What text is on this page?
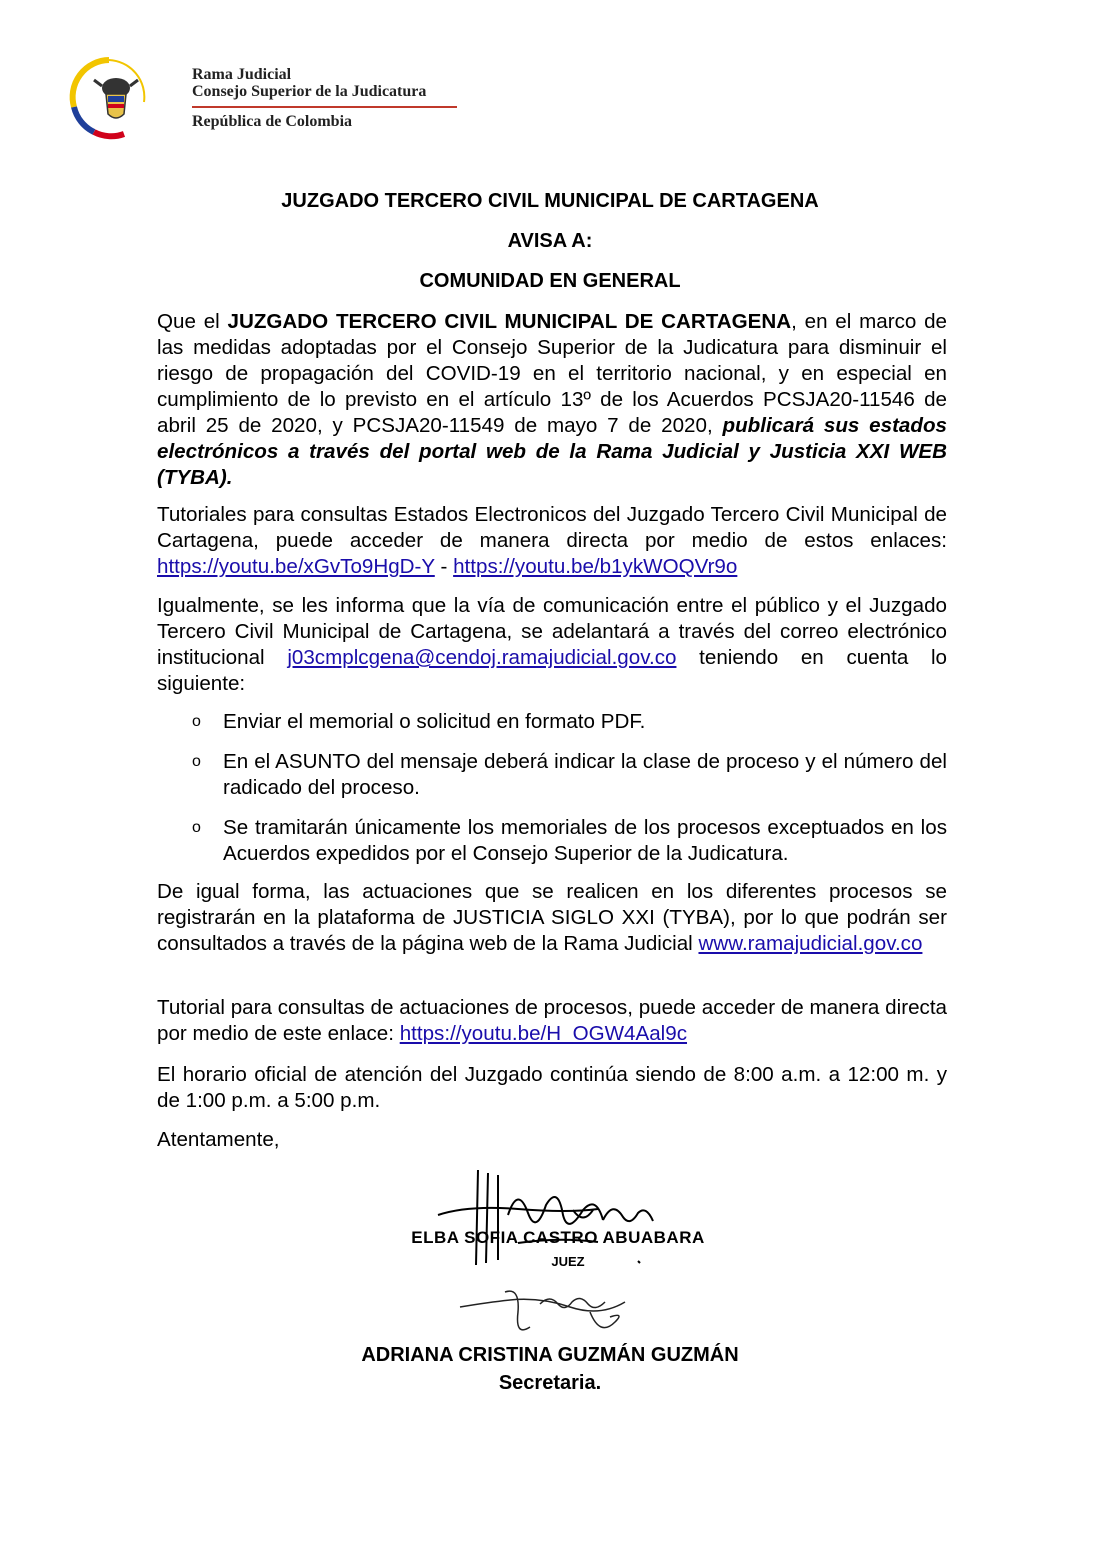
Rama Judicial
Consejo Superior de la Judicatura
República de Colombia
JUZGADO TERCERO CIVIL MUNICIPAL DE CARTAGENA
AVISA A:
COMUNIDAD EN GENERAL

Que el JUZGADO TERCERO CIVIL MUNICIPAL DE CARTAGENA, en el marco de las medidas adoptadas por el Consejo Superior de la Judicatura para disminuir el riesgo de propagación del COVID-19 en el territorio nacional, y en especial en cumplimiento de lo previsto en el artículo 13º de los Acuerdos PCSJA20-11546 de abril 25 de 2020, y PCSJA20-11549 de mayo 7 de 2020, publicará sus estados electrónicos a través del portal web de la Rama Judicial y Justicia XXI WEB (TYBA).

Tutoriales para consultas Estados Electronicos del Juzgado Tercero Civil Municipal de Cartagena, puede acceder de manera directa por medio de estos enlaces: https://youtu.be/xGvTo9HgD-Y - https://youtu.be/b1ykWOQVr9o

Igualmente, se les informa que la vía de comunicación entre el público y el Juzgado Tercero Civil Municipal de Cartagena, se adelantará a través del correo electrónico institucional j03cmplcgena@cendoj.ramajudicial.gov.co teniendo en cuenta lo siguiente:

o Enviar el memorial o solicitud en formato PDF.
o En el ASUNTO del mensaje deberá indicar la clase de proceso y el número del radicado del proceso.
o Se tramitarán únicamente los memoriales de los procesos exceptuados en los Acuerdos expedidos por el Consejo Superior de la Judicatura.

De igual forma, las actuaciones que se realicen en los diferentes procesos se registrarán en la plataforma de JUSTICIA SIGLO XXI (TYBA), por lo que podrán ser consultados a través de la página web de la Rama Judicial www.ramajudicial.gov.co

Tutorial para consultas de actuaciones de procesos, puede acceder de manera directa por medio de este enlace: https://youtu.be/H_OGW4Aal9c

El horario oficial de atención del Juzgado continúa siendo de 8:00 a.m. a 12:00 m. y de 1:00 p.m. a 5:00 p.m.
Atentamente,
ELBA SOFIA CASTRO ABUABARA
JUEZ
ADRIANA CRISTINA GUZMÁN GUZMÁN
Secretaria.
